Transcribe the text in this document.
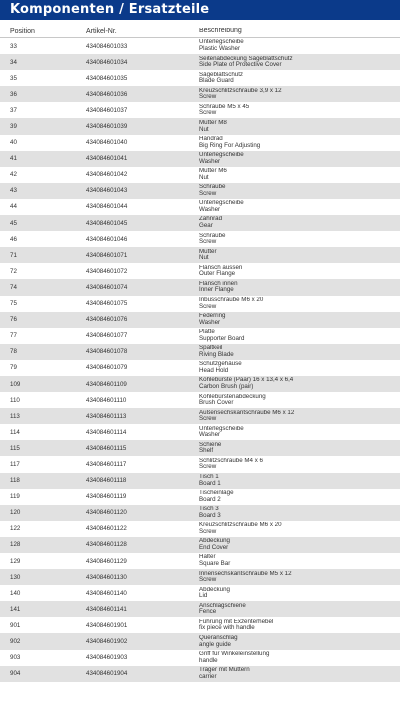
Komponenten / Ersatzteile
Position	Artikel-Nr.	Beschreibung
33	434084601033
Unterlegscheibe
Plastic Washer
34	434084601034
Seitenabdeckung Sägeblattschutz
Side Plate of Protective Cover
35	434084601035
Sägeblattschutz
Blade Guard
36	434084601036
Kreuzschlitzschraube 3,9 x 12
Screw
37	434084601037
Schraube M5 x 45
Screw
39	434084601039
Mutter M8
Nut
40	434084601040
Handrad
Big Ring For Adjusting
41	434084601041
Unterlegscheibe
Washer
42	434084601042
Mutter M6
Nut
43	434084601043
Schraube
Screw
44	434084601044
Unterlegscheibe
Washer
45	434084601045
Zahnrad
Gear
46	434084601046
Schraube
Screw
71	434084601071
Mutter
Nut
72	434084601072
Flansch aussen
Outer Flange
74	434084601074
Flansch innen
Inner Flange
75	434084601075
Inbusschraube M6 x 20
Screw
76	434084601076
Federring
Washer
77	434084601077
Platte
Supporter Board
78	434084601078
Spaltkeil
Riving Blade
79	434084601079
Schutzgehäuse
Head Hold
109	434084601109
Kohlebürste (Paar) 16 x 13,4 x 6,4
Carbon Brush (pair)
110	434084601110
Kohlebürstenabdeckung
Brush Cover
113	434084601113
Außensechskantschraube M6 x 12
Screw
114	434084601114
Unterlegscheibe
Washer
115	434084601115
Schiene
Shelf
117	434084601117
Schlitzschraube M4 x 6
Screw
118	434084601118
Tisch 1
Board 1
119	434084601119
Tischeinlage
Board 2
120	434084601120
Tisch 3
Board 3
122	434084601122
Kreuzschlitzschraube M6 x 20
Screw
128	434084601128
Abdeckung
End Cover
129	434084601129
Halter
Square Bar
130	434084601130
Innensechskantschraube M5 x 12
Screw
140	434084601140
Abdeckung
Lid
141	434084601141
Anschlagschiene
Fence
901	434084601901
Führung mit Exzenterhebel
fix piece with handle
902	434084601902
Queranschlag
angle guide
903	434084601903
Griff für Winkeleinstellung
handle
904	434084601904
Träger mit Muttern
carrier
